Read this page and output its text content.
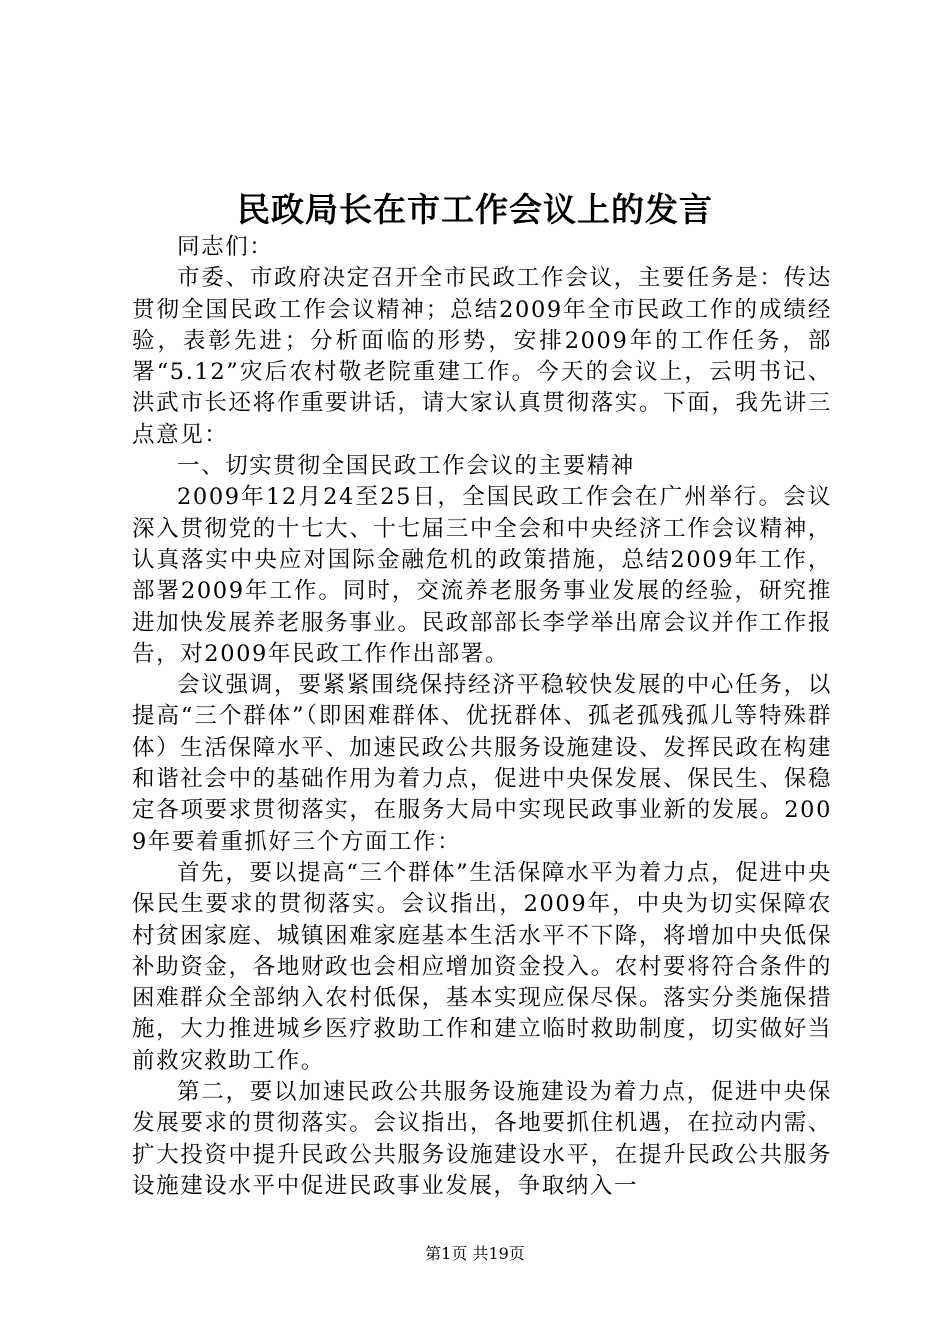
民政局长在市工作会议上的发言

同志们：

市委、市政府决定召开全市民政工作会议，主要任务是：传达贯彻全国民政工作会议精神；总结2009年全市民政工作的成绩经验，表彰先进；分析面临的形势，安排2009年的工作任务，部署“5.12”灾后农村敬老院重建工作。今天的会议上，云明书记、洪武市长还将作重要讲话，请大家认真贯彻落实。下面，我先讲三点意见：

一、切实贯彻全国民政工作会议的主要精神

2009年12月24至25日，全国民政工作会在广州举行。会议深入贯彻党的十七大、十七届三中全会和中央经济工作会议精神，认真落实中央应对国际金融危机的政策措施，总结2009年工作，部署2009年工作。同时，交流养老服务事业发展的经验，研究推进加快发展养老服务事业。民政部部长李学举出席会议并作工作报告，对2009年民政工作作出部署。

会议强调，要紧紧围绕保持经济平稳较快发展的中心任务，以提高“三个群体”（即困难群体、优抚群体、孤老孤残孤儿等特殊群体）生活保障水平、加速民政公共服务设施建设、发挥民政在构建和谐社会中的基础作用为着力点，促进中央保发展、保民生、保稳定各项要求贯彻落实，在服务大局中实现民政事业新的发展。2009年要着重抓好三个方面工作：

首先，要以提高“三个群体”生活保障水平为着力点，促进中央保民生要求的贯彻落实。会议指出，2009年，中央为切实保障农村贫困家庭、城镇困难家庭基本生活水平不下降，将增加中央低保补助资金，各地财政也会相应增加资金投入。农村要将符合条件的困难群众全部纳入农村低保，基本实现应保尽保。落实分类施保措施，大力推进城乡医疗救助工作和建立临时救助制度，切实做好当前救灾救助工作。

第二，要以加速民政公共服务设施建设为着力点，促进中央保发展要求的贯彻落实。会议指出，各地要抓住机遇，在拉动内需、扩大投资中提升民政公共服务设施建设水平，在提升民政公共服务设施建设水平中促进民政事业发展，争取纳入一

第1页 共19页
